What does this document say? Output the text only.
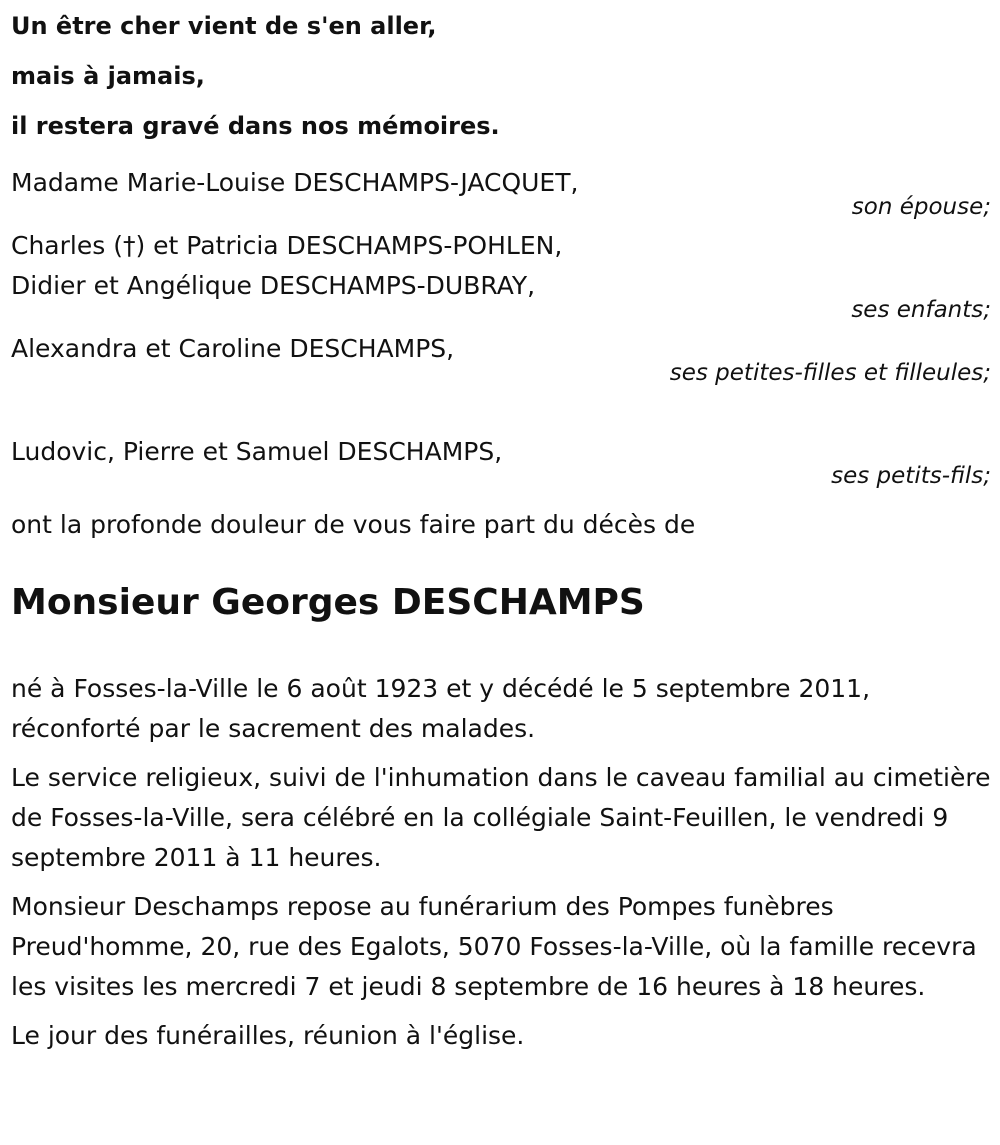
Un être cher vient de s'en aller,
mais à jamais,
il restera gravé dans nos mémoires.
Madame Marie-Louise DESCHAMPS-JACQUET,
son épouse;
Charles (†) et Patricia DESCHAMPS-POHLEN,
Didier et Angélique DESCHAMPS-DUBRAY,
ses enfants;
Alexandra et Caroline DESCHAMPS,
ses petites-filles et filleules;
Ludovic, Pierre et Samuel DESCHAMPS,
ses petits-fils;
ont la profonde douleur de vous faire part du décès de
Monsieur Georges DESCHAMPS
né à Fosses-la-Ville le 6 août 1923 et y décédé le 5 septembre 2011, réconforté par le sacrement des malades.
Le service religieux, suivi de l'inhumation dans le caveau familial au cimetière de Fosses-la-Ville, sera célébré en la collégiale Saint-Feuillen, le vendredi 9 septembre 2011 à 11 heures.
Monsieur Deschamps repose au funérarium des Pompes funèbres Preud'homme, 20, rue des Egalots, 5070 Fosses-la-Ville, où la famille recevra les visites les mercredi 7 et jeudi 8 septembre de 16 heures à 18 heures.
Le jour des funérailles, réunion à l'église.
